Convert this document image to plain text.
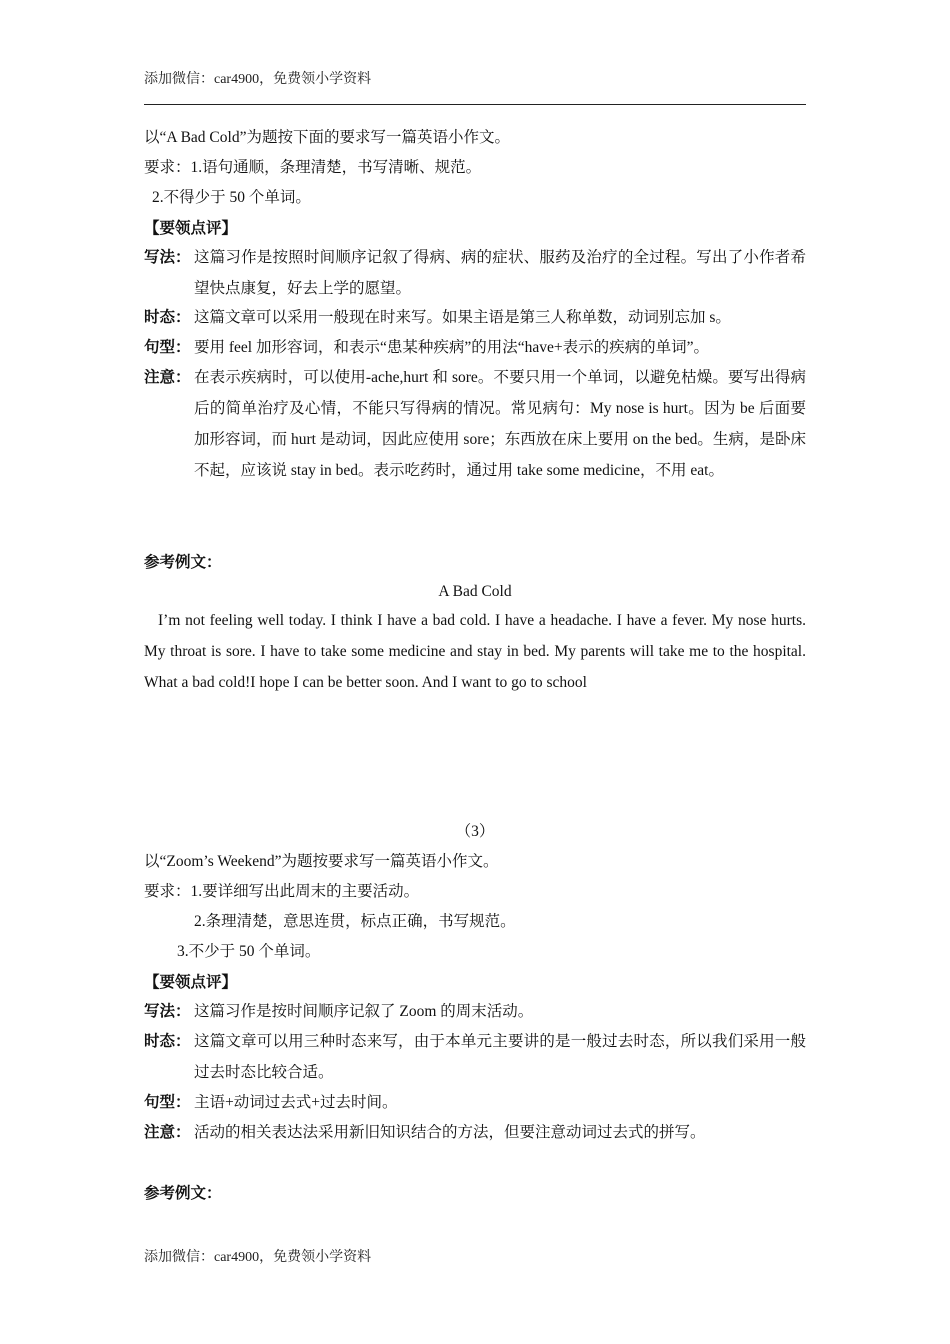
添加微信：car4900，免费领小学资料
以“A Bad Cold”为题按下面的要求写一篇英语小作文。
要求：1.语句通顺，条理清楚，书写清晰、规范。
2.不得少于 50 个单词。
【要领点评】
写法： 这篇习作是按照时间顺序记叙了得病、病的症状、服药及治疗的全过程。写出了小作者希望快点康复，好去上学的愿望。
时态： 这篇文章可以采用一般现在时来写。如果主语是第三人称单数，动词别忘加 s。
句型： 要用 feel 加形容词，和表示“患某种疾病”的用法“have+表示的疾病的单词”。
注意： 在表示疾病时，可以使用-ache,hurt 和 sore。不要只用一个单词，以避免枯燥。要写出得病后的简单治疗及心情，不能只写得病的情况。常见病句：My nose is hurt。因为 be 后面要加形容词，而 hurt 是动词，因此应使用 sore；东西放在床上要用 on the bed。生病，是卧床不起，应该说 stay in bed。表示吃药时，通过用 take some medicine，不用 eat。
参考例文：
A Bad Cold
I’m not feeling well today. I think I have a bad cold. I have a headache. I have a fever. My nose hurts. My throat is sore. I have to take some medicine and stay in bed. My parents will take me to the hospital. What a bad cold!I hope I can be better soon. And I want to go to school
（3）
以“Zoom’s Weekend”为题按要求写一篇英语小作文。
要求：1.要详细写出此周末的主要活动。
2.条理清楚，意思连贯，标点正确，书写规范。
3.不少于 50 个单词。
【要领点评】
写法： 这篇习作是按时间顺序记叙了 Zoom 的周末活动。
时态： 这篇文章可以用三种时态来写，由于本单元主要讲的是一般过去时态，所以我们采用一般过去时态比较合适。
句型： 主语+动词过去式+过去时间。
注意： 活动的相关表达法采用新旧知识结合的方法，但要注意动词过去式的拼写。
参考例文：
添加微信：car4900，免费领小学资料
